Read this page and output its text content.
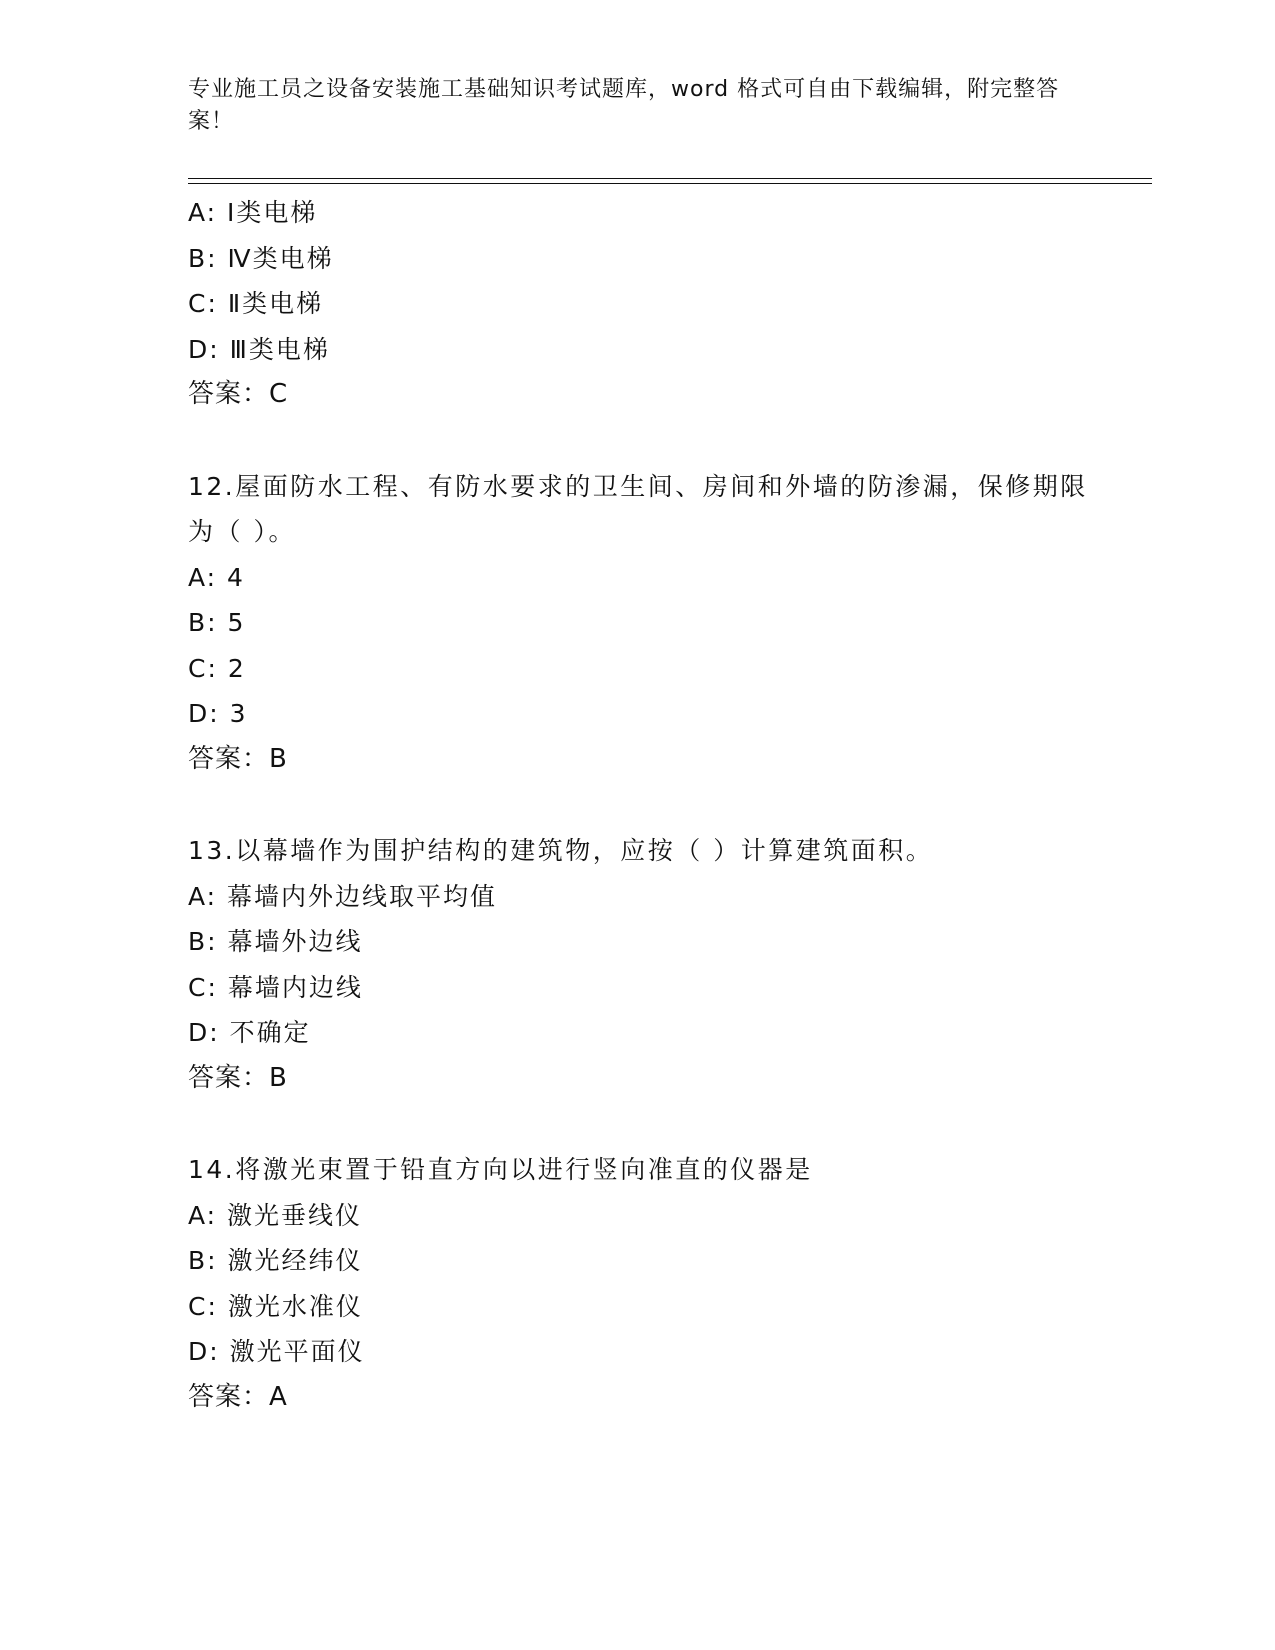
专业施工员之设备安装施工基础知识考试题库，word 格式可自由下载编辑，附完整答案！
A: Ⅰ类电梯
B: Ⅳ类电梯
C: Ⅱ类电梯
D: Ⅲ类电梯
答案：C
12.屋面防水工程、有防水要求的卫生间、房间和外墙的防渗漏，保修期限为（ ）。
A: 4
B: 5
C: 2
D: 3
答案：B
13.以幕墙作为围护结构的建筑物，应按（ ）计算建筑面积。
A: 幕墙内外边线取平均值
B: 幕墙外边线
C: 幕墙内边线
D: 不确定
答案：B
14.将激光束置于铅直方向以进行竖向准直的仪器是
A: 激光垂线仪
B: 激光经纬仪
C: 激光水准仪
D: 激光平面仪
答案：A
